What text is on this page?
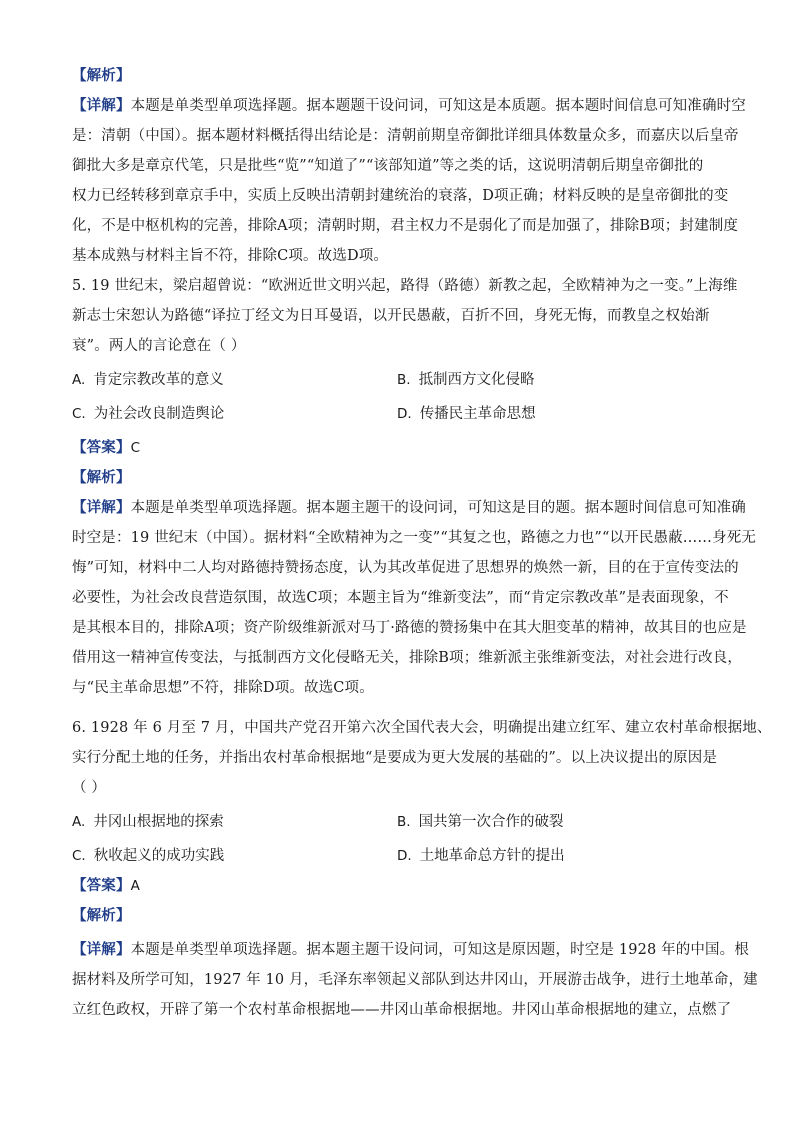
【解析】
【详解】本题是单类型单项选择题。据本题题干设问词，可知这是本质题。据本题时间信息可知准确时空
是：清朝（中国）。据本题材料概括得出结论是：清朝前期皇帝御批详细具体数量众多，而嘉庆以后皇帝
御批大多是章京代笔，只是批些“览”“知道了”“该部知道”等之类的话，这说明清朝后期皇帝御批的
权力已经转移到章京手中，实质上反映出清朝封建统治的衰落，D项正确；材料反映的是皇帝御批的变
化，不是中枢机构的完善，排除A项；清朝时期，君主权力不是弱化了而是加强了，排除B项；封建制度
基本成熟与材料主旨不符，排除C项。故选D项。
5. 19 世纪末，梁启超曾说：“欧洲近世文明兴起，路得（路德）新教之起，全欧精神为之一变。”上海维
新志士宋恕认为路德“译拉丁经文为日耳曼语，以开民愚蔽，百折不回，身死无悔，而教皇之权始渐
衰”。两人的言论意在（ ）
A. 肯定宗教改革的意义	B. 抵制西方文化侵略
C. 为社会改良制造舆论	D. 传播民主革命思想
【答案】C
【解析】
【详解】本题是单类型单项选择题。据本题主题干的设问词，可知这是目的题。据本题时间信息可知准确
时空是：19 世纪末（中国）。据材料“全欧精神为之一变”“其复之也，路德之力也”“以开民愚蔽……身死无
悔”可知，材料中二人均对路德持赞扬态度，认为其改革促进了思想界的焕然一新，目的在于宣传变法的
必要性，为社会改良营造氛围，故选C项；本题主旨为“维新变法”，而“肯定宗教改革”是表面现象，不
是其根本目的，排除A项；资产阶级维新派对马丁·路德的赞扬集中在其大胆变革的精神，故其目的也应是
借用这一精神宣传变法，与抵制西方文化侵略无关，排除B项；维新派主张维新变法，对社会进行改良，
与“民主革命思想”不符，排除D项。故选C项。
6. 1928 年 6 月至 7 月，中国共产党召开第六次全国代表大会，明确提出建立红军、建立农村革命根据地、
实行分配土地的任务，并指出农村革命根据地“是要成为更大发展的基础的”。以上决议提出的原因是
（ ）
A. 井冈山根据地的探索	B. 国共第一次合作的破裂
C. 秋收起义的成功实践	D. 土地革命总方针的提出
【答案】A
【解析】
【详解】本题是单类型单项选择题。据本题主题干设问词，可知这是原因题，时空是 1928 年的中国。根
据材料及所学可知，1927 年 10 月，毛泽东率领起义部队到达井冈山，开展游击战争，进行土地革命，建
立红色政权，开辟了第一个农村革命根据地——井冈山革命根据地。井冈山革命根据地的建立，点燃了
